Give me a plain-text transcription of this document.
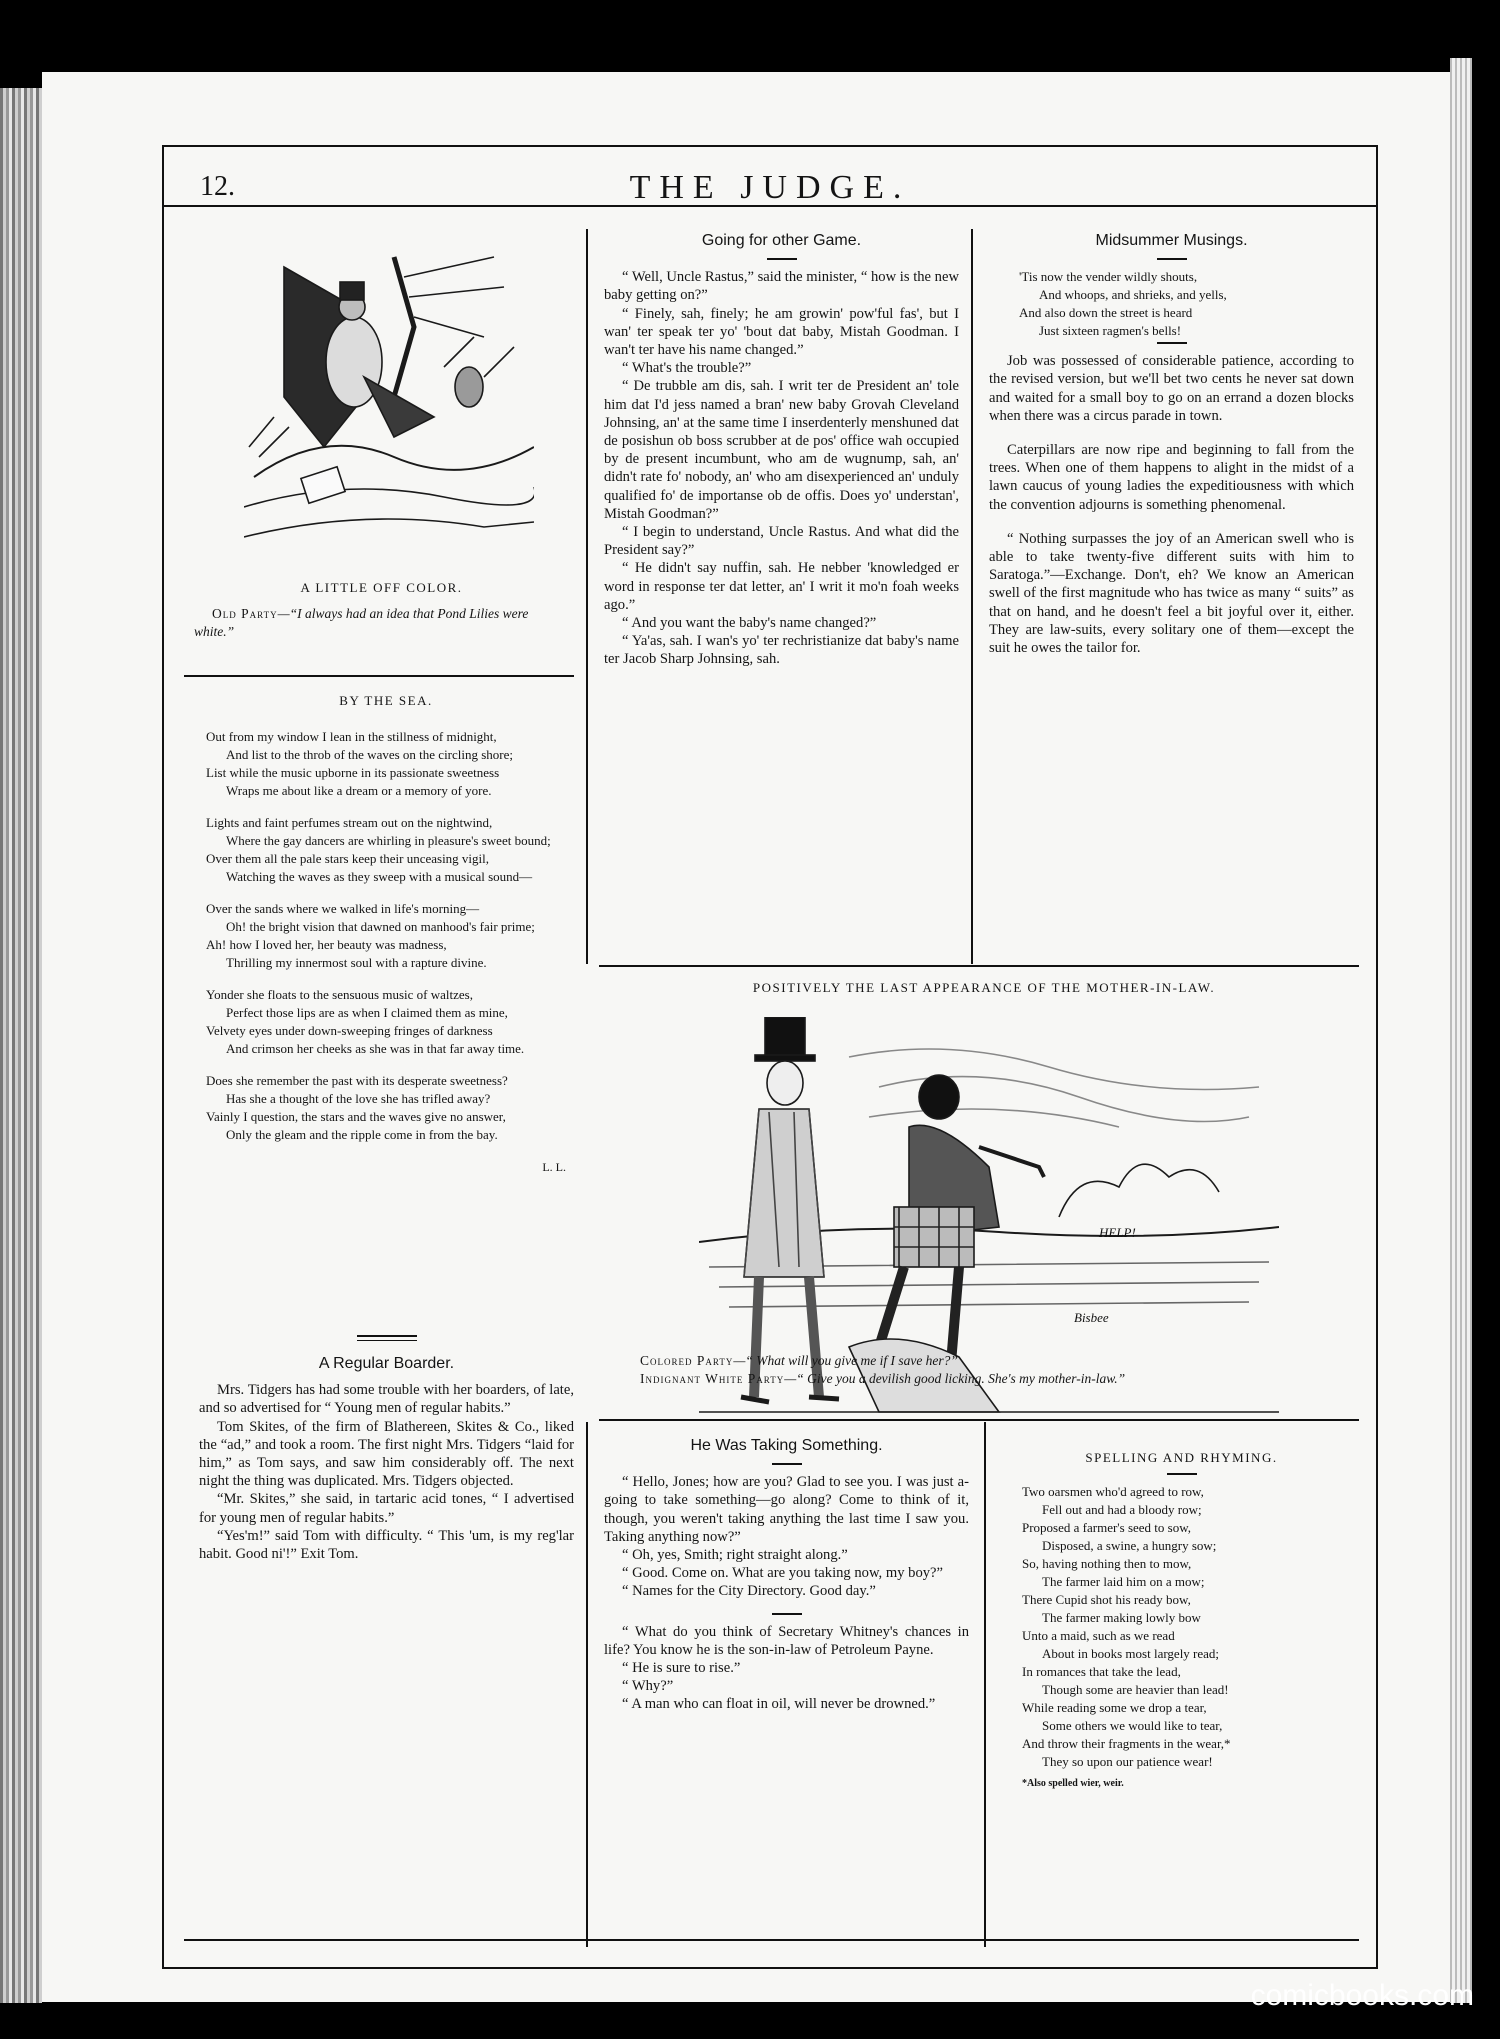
12.	THE JUDGE.
A LITTLE OFF COLOR.
Old Party—“I always had an idea that Pond Lilies were white.”
BY THE SEA.
Out from my window I lean in the stillness of midnight,
And list to the throb of the waves on the circling shore;
List while the music upborne in its passionate sweetness
Wraps me about like a dream or a memory of yore.
Lights and faint perfumes stream out on the nightwind,
Where the gay dancers are whirling in pleasure's sweet bound;
Over them all the pale stars keep their unceasing vigil,
Watching the waves as they sweep with a musical sound—
Over the sands where we walked in life's morning—
Oh! the bright vision that dawned on manhood's fair prime;
Ah! how I loved her, her beauty was madness,
Thrilling my innermost soul with a rapture divine.
Yonder she floats to the sensuous music of waltzes,
Perfect those lips are as when I claimed them as mine,
Velvety eyes under down-sweeping fringes of darkness
And crimson her cheeks as she was in that far away time.
Does she remember the past with its desperate sweetness?
Has she a thought of the love she has trifled away?
Vainly I question, the stars and the waves give no answer,
Only the gleam and the ripple come in from the bay.
L. L.
A Regular Boarder.

Mrs. Tidgers has had some trouble with her boarders, of late, and so advertised for “ Young men of regular habits.”

Tom Skites, of the firm of Blathereen, Skites & Co., liked the “ad,” and took a room. The first night Mrs. Tidgers “laid for him,” as Tom says, and saw him considerably off. The next night the thing was duplicated. Mrs. Tidgers objected.

“Mr. Skites,” she said, in tartaric acid tones, “ I advertised for young men of regular habits.”

“Yes'm!” said Tom with difficulty. “ This 'um, is my reg'lar habit. Good ni'!” Exit Tom.

Going for other Game.

“ Well, Uncle Rastus,” said the minister, “ how is the new baby getting on?”

“ Finely, sah, finely; he am growin' pow'ful fas', but I wan' ter speak ter yo' 'bout dat baby, Mistah Goodman. I wan't ter have his name changed.”

“ What's the trouble?”

“ De trubble am dis, sah. I writ ter de President an' tole him dat I'd jess named a bran' new baby Grovah Cleveland Johnsing, an' at the same time I inserdenterly menshuned dat de posishun ob boss scrubber at de pos' office wah occupied by de present incumbunt, who am de wugnump, sah, an' didn't rate fo' nobody, an' who am disexperienced an' unduly qualified fo' de importanse ob de offis. Does yo' understan', Mistah Goodman?”

“ I begin to understand, Uncle Rastus. And what did the President say?”

“ He didn't say nuffin, sah. He nebber 'knowledged er word in response ter dat letter, an' I writ it mo'n foah weeks ago.”

“ And you want the baby's name changed?”

“ Ya'as, sah. I wan's yo' ter rechristianize dat baby's name ter Jacob Sharp Johnsing, sah.

Midsummer Musings.
'Tis now the vender wildly shouts,
And whoops, and shrieks, and yells,
And also down the street is heard
Just sixteen ragmen's bells!

Job was possessed of considerable patience, according to the revised version, but we'll bet two cents he never sat down and waited for a small boy to go on an errand a dozen blocks when there was a circus parade in town.

Caterpillars are now ripe and beginning to fall from the trees. When one of them happens to alight in the midst of a lawn caucus of young ladies the expeditiousness with which the convention adjourns is something phenomenal.

“ Nothing surpasses the joy of an American swell who is able to take twenty-five different suits with him to Saratoga.”—Exchange. Don't, eh? We know an American swell of the first magnitude who has twice as many “ suits” as that on hand, and he doesn't feel a bit joyful over it, either. They are law-suits, every solitary one of them—except the suit he owes the tailor for.

POSITIVELY THE LAST APPEARANCE OF THE MOTHER-IN-LAW.
HELP!
Bisbee
Colored Party—“ What will you give me if I save her?”
Indignant White Party—“ Give you a devilish good licking. She's my mother-in-law.”
He Was Taking Something.

“ Hello, Jones; how are you? Glad to see you. I was just a-going to take something—go along? Come to think of it, though, you weren't taking anything the last time I saw you. Taking anything now?”

“ Oh, yes, Smith; right straight along.”

“ Good. Come on. What are you taking now, my boy?”

“ Names for the City Directory. Good day.”

“ What do you think of Secretary Whitney's chances in life? You know he is the son-in-law of Petroleum Payne.

“ He is sure to rise.”

“ Why?”

“ A man who can float in oil, will never be drowned.”

SPELLING AND RHYMING.
Two oarsmen who'd agreed to row,
Fell out and had a bloody row;
Proposed a farmer's seed to sow,
Disposed, a swine, a hungry sow;
So, having nothing then to mow,
The farmer laid him on a mow;
There Cupid shot his ready bow,
The farmer making lowly bow
Unto a maid, such as we read
About in books most largely read;
In romances that take the lead,
Though some are heavier than lead!
While reading some we drop a tear,
Some others we would like to tear,
And throw their fragments in the wear,*
They so upon our patience wear!
*Also spelled wier, weir.
comicbooks.com
